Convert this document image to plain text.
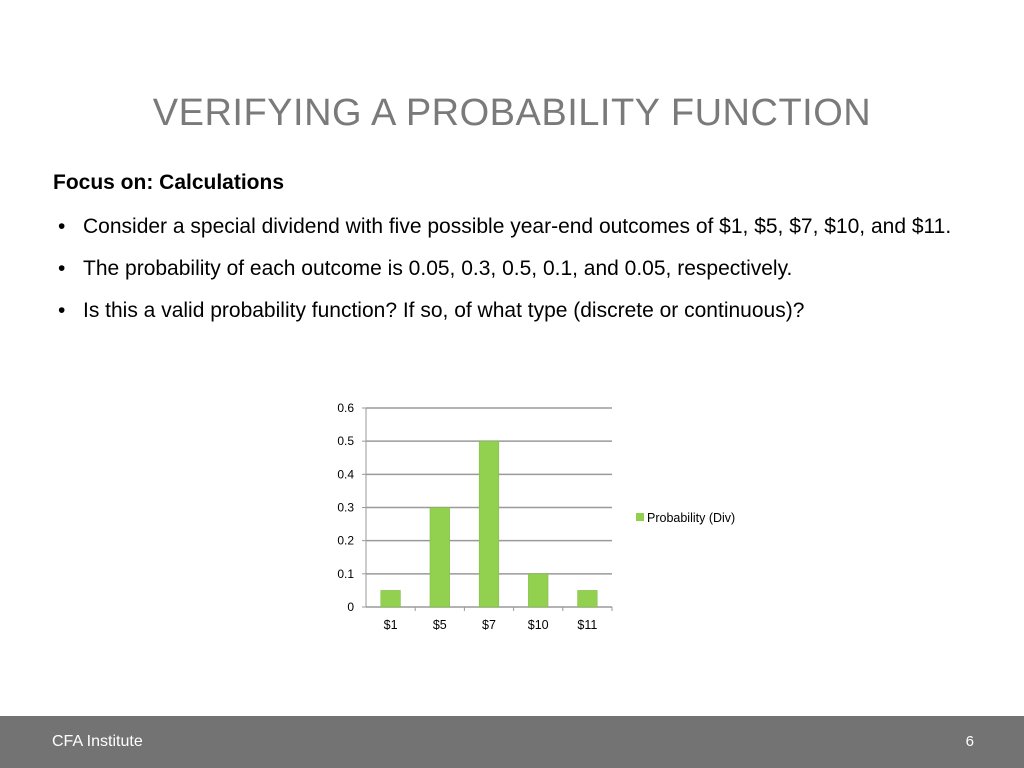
VERIFYING A PROBABILITY FUNCTION
Focus on: Calculations
• Consider a special dividend with five possible year-end outcomes of $1, $5, $7, $10, and $11.
• The probability of each outcome is 0.05, 0.3, 0.5, 0.1, and 0.05, respectively.
• Is this a valid probability function? If so, of what type (discrete or continuous)?
0
0.1
0.2
0.3
0.4
0.5
0.6
$1	$5	$7	$10 $11
Probability (Div)
CFA Institute	6
